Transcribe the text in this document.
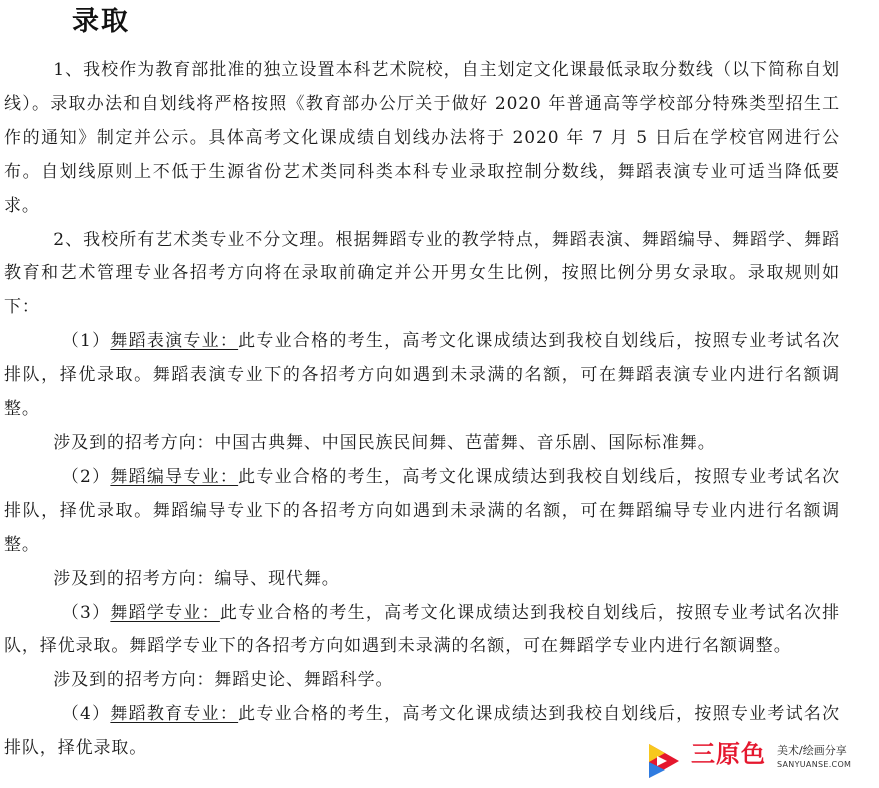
录取

1、我校作为教育部批准的独立设置本科艺术院校，自主划定文化课最低录取分数线（以下简称自划线）。录取办法和自划线将严格按照《教育部办公厅关于做好 2020 年普通高等学校部分特殊类型招生工作的通知》制定并公示。具体高考文化课成绩自划线办法将于 2020 年 7 月 5 日后在学校官网进行公布。自划线原则上不低于生源省份艺术类同科类本科专业录取控制分数线，舞蹈表演专业可适当降低要求。

2、我校所有艺术类专业不分文理。根据舞蹈专业的教学特点，舞蹈表演、舞蹈编导、舞蹈学、舞蹈教育和艺术管理专业各招考方向将在录取前确定并公开男女生比例，按照比例分男女录取。录取规则如下：

（1）舞蹈表演专业：此专业合格的考生，高考文化课成绩达到我校自划线后，按照专业考试名次排队，择优录取。舞蹈表演专业下的各招考方向如遇到未录满的名额，可在舞蹈表演专业内进行名额调整。

涉及到的招考方向：中国古典舞、中国民族民间舞、芭蕾舞、音乐剧、国际标准舞。

（2）舞蹈编导专业：此专业合格的考生，高考文化课成绩达到我校自划线后，按照专业考试名次排队，择优录取。舞蹈编导专业下的各招考方向如遇到未录满的名额，可在舞蹈编导专业内进行名额调整。

涉及到的招考方向：编导、现代舞。

（3）舞蹈学专业：此专业合格的考生，高考文化课成绩达到我校自划线后，按照专业考试名次排队，择优录取。舞蹈学专业下的各招考方向如遇到未录满的名额，可在舞蹈学专业内进行名额调整。

涉及到的招考方向：舞蹈史论、舞蹈科学。

（4）舞蹈教育专业：此专业合格的考生，高考文化课成绩达到我校自划线后，按照专业考试名次排队，择优录取。	三原色 美术/绘画分享
SANYUANSE.COM
